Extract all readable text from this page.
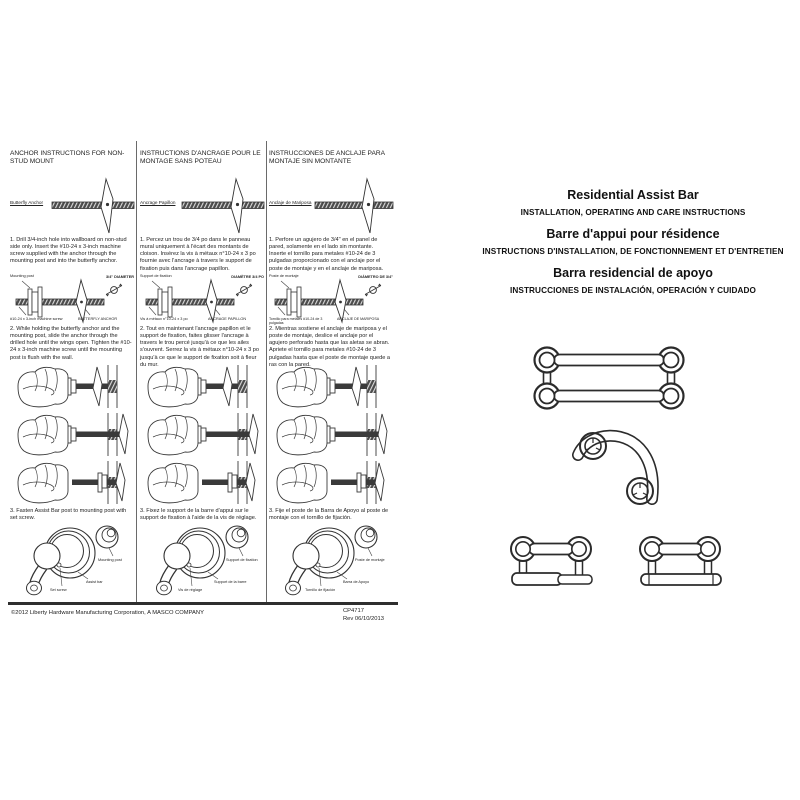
ANCHOR INSTRUCTIONS FOR NON-STUD MOUNT
Butterfly Anchor
1. Drill 3/4-inch hole into wallboard on non-stud side only. Insert the #10-24 x 3-inch machine screw supplied with the anchor through the mounting post and into the butterfly anchor.
Mounting post	3/4" DIAMETER
#10-24 x 3-inch machine screw	BUTTERFLY ANCHOR
2. While holding the butterfly anchor and the mounting post, slide the anchor through the drilled hole until the wings open. Tighten the #10-24 x 3-inch machine screw until the mounting post is flush with the wall.
3. Fasten Assist Bar post to mounting post with set screw.
Mounting post
Assist bar
Set screw
INSTRUCTIONS D'ANCRAGE POUR LE MONTAGE SANS POTEAU
Ancrage Papillon
1. Percez un trou de 3/4 po dans le panneau mural uniquement à l'écart des montants de cloison. Insérez la vis à métaux n°10-24 x 3 po fournie avec l'ancrage à travers le support de fixation puis dans l'ancrage papillon.
Support de fixation	DIAMÈTRE 3/4 PO
Vis à métaux n°10-24 x 3 po	ANCRAGE PAPILLON
2. Tout en maintenant l'ancrage papillon et le support de fixation, faites glisser l'ancrage à travers le trou percé jusqu'à ce que les ailes s'ouvrent. Serrez la vis à métaux n°10-24 x 3 po jusqu'à ce que le support de fixation soit à fleur du mur.
3. Fixez le support de la barre d'appui sur le support de fixation à l'aide de la vis de réglage.
Support de fixation
Support de la barre
Vis de réglage
INSTRUCCIONES DE ANCLAJE PARA MONTAJE SIN MONTANTE
Anclaje de Mariposa
1. Perfore un agujero de 3/4" en el panel de pared, solamente en el lado sin montante. Inserte el tornillo para metales #10-24 de 3 pulgadas proporcionado con el anclaje por el poste de montaje y en el anclaje de mariposa.
Poste de montaje	DIÁMETRO DE 3/4"
Tornillo para metales #10-24 de 3 pulgadas
ANCLAJE DE MARIPOSA
2. Mientras sostiene el anclaje de mariposa y el poste de montaje, deslice el anclaje por el agujero perforado hasta que las aletas se abran. Apriete el tornillo para metales #10-24 de 3 pulgadas hasta que el poste de montaje quede a ras con la pared.
3. Fije el poste de la Barra de Apoyo al poste de montaje con el tornillo de fijación.
Poste de montaje
Barra de Apoyo
Tornillo de fijación
©2012 Liberty Hardware Manufacturing Corporation, A MASCO COMPANY	CP4717
Rev 06/10/2013
Residential Assist Bar
INSTALLATION, OPERATING AND CARE INSTRUCTIONS
Barre d'appui pour résidence
INSTRUCTIONS D'INSTALLATION, DE FONCTIONNEMENT ET D'ENTRETIEN
Barra residencial de apoyo
INSTRUCCIONES DE INSTALACIÓN, OPERACIÓN Y CUIDADO
